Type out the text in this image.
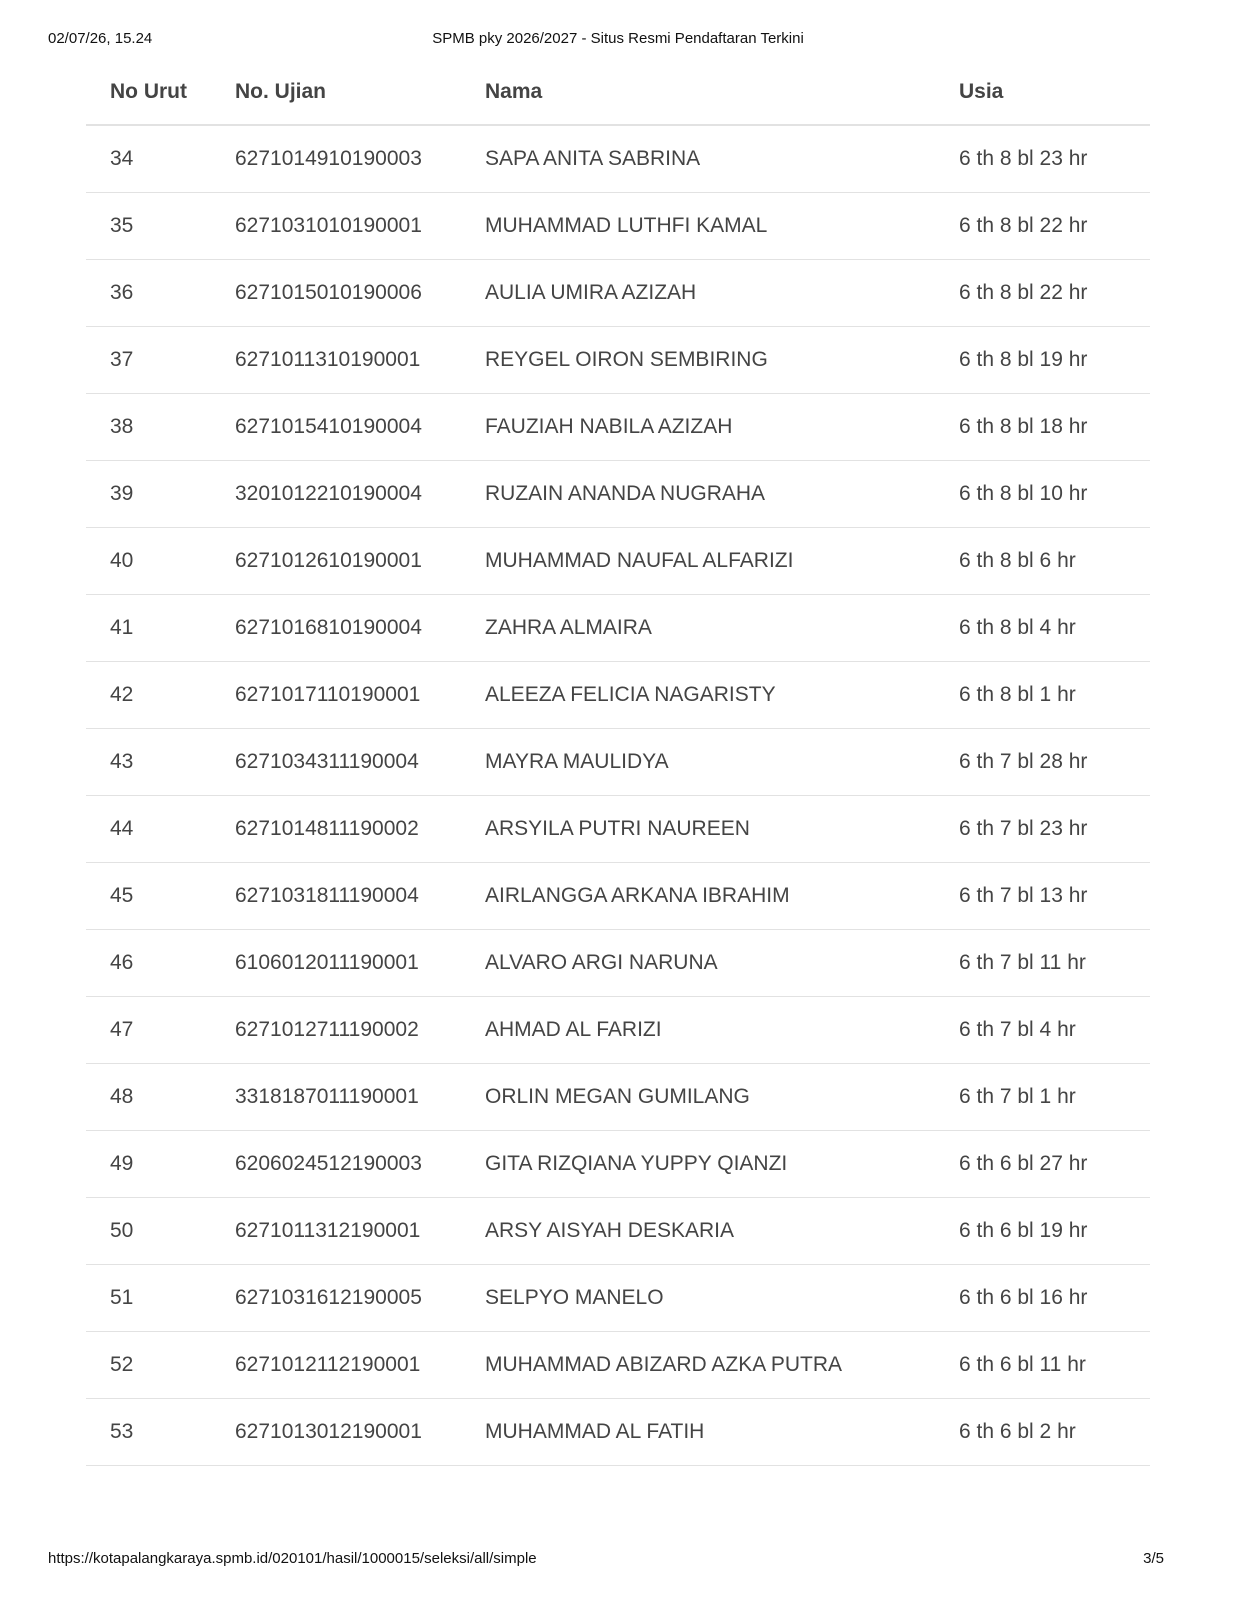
02/07/26, 15.24	SPMB pky 2026/2027 - Situs Resmi Pendaftaran Terkini
No Urut	No. Ujian	Nama	Usia
34	6271014910190003	SAPA ANITA SABRINA	6 th 8 bl 23 hr
35	6271031010190001	MUHAMMAD LUTHFI KAMAL	6 th 8 bl 22 hr
36	6271015010190006	AULIA UMIRA AZIZAH	6 th 8 bl 22 hr
37	6271011310190001	REYGEL OIRON SEMBIRING	6 th 8 bl 19 hr
38	6271015410190004	FAUZIAH NABILA AZIZAH	6 th 8 bl 18 hr
39	3201012210190004	RUZAIN ANANDA NUGRAHA	6 th 8 bl 10 hr
40	6271012610190001	MUHAMMAD NAUFAL ALFARIZI	6 th 8 bl 6 hr
41	6271016810190004	ZAHRA ALMAIRA	6 th 8 bl 4 hr
42	6271017110190001	ALEEZA FELICIA NAGARISTY	6 th 8 bl 1 hr
43	6271034311190004	MAYRA MAULIDYA	6 th 7 bl 28 hr
44	6271014811190002	ARSYILA PUTRI NAUREEN	6 th 7 bl 23 hr
45	6271031811190004	AIRLANGGA ARKANA IBRAHIM	6 th 7 bl 13 hr
46	6106012011190001	ALVARO ARGI NARUNA	6 th 7 bl 11 hr
47	6271012711190002	AHMAD AL FARIZI	6 th 7 bl 4 hr
48	3318187011190001	ORLIN MEGAN GUMILANG	6 th 7 bl 1 hr
49	6206024512190003	GITA RIZQIANA YUPPY QIANZI	6 th 6 bl 27 hr
50	6271011312190001	ARSY AISYAH DESKARIA	6 th 6 bl 19 hr
51	6271031612190005	SELPYO MANELO	6 th 6 bl 16 hr
52	6271012112190001	MUHAMMAD ABIZARD AZKA PUTRA	6 th 6 bl 11 hr
53	6271013012190001	MUHAMMAD AL FATIH	6 th 6 bl 2 hr
https://kotapalangkaraya.spmb.id/020101/hasil/1000015/seleksi/all/simple	3/5
